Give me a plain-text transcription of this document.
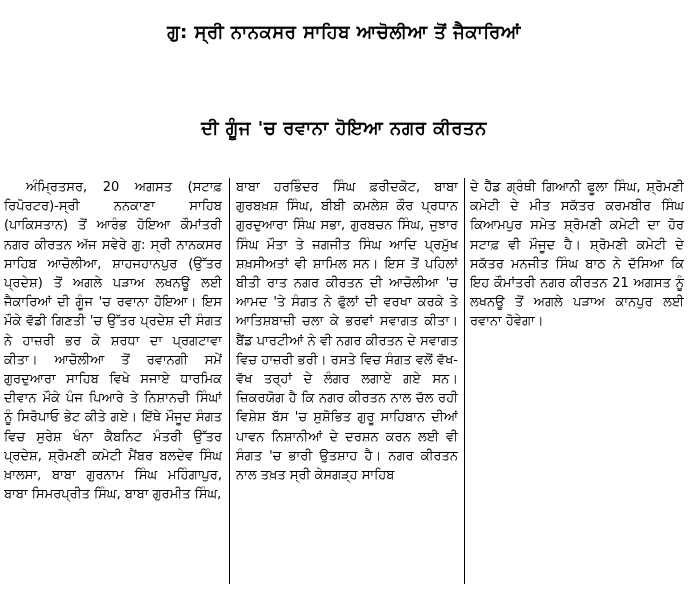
ਗੁ: ਸ੍ਰੀ ਨਾਨਕਸਰ ਸਾਹਿਬ ਆਚੋਲੀਆ ਤੋਂ ਜੈਕਾਰਿਆਂ
ਦੀ ਗੂੰਜ 'ਚ ਰਵਾਨਾ ਹੋਇਆ ਨਗਰ ਕੀਰਤਨ

ਅੰਮ੍ਰਿਤਸਰ, 20 ਅਗਸਤ (ਸਟਾਫ਼ ਰਿਪੋਰਟਰ)-ਸ੍ਰੀ ਨਨਕਾਣਾ ਸਾਹਿਬ (ਪਾਕਿਸਤਾਨ) ਤੋਂ ਆਰੰਭ ਹੋਇਆ ਕੌਮਾਂਤਰੀ ਨਗਰ ਕੀਰਤਨ ਅੱਜ ਸਵੇਰੇ ਗੁ: ਸ੍ਰੀ ਨਾਨਕਸਰ ਸਾਹਿਬ ਆਚੋਲੀਆ, ਸ਼ਾਹਜਹਾਨਪੁਰ (ਉੱਤਰ ਪ੍ਰਦੇਸ਼) ਤੋਂ ਅਗਲੇ ਪੜਾਅ ਲਖਨਊ ਲਈ ਜੈਕਾਰਿਆਂ ਦੀ ਗੂੰਜ 'ਚ ਰਵਾਨਾ ਹੋਇਆ। ਇਸ ਮੌਕੇ ਵੱਡੀ ਗਿਣਤੀ 'ਚ ਉੱਤਰ ਪ੍ਰਦੇਸ਼ ਦੀ ਸੰਗਤ ਨੇ ਹਾਜ਼ਰੀ ਭਰ ਕੇ ਸ਼ਰਧਾ ਦਾ ਪ੍ਰਗਟਾਵਾ ਕੀਤਾ। ਆਚੋਲੀਆ ਤੋਂ ਰਵਾਨਗੀ ਸਮੇਂ ਗੁਰਦੁਆਰਾ ਸਾਹਿਬ ਵਿਖੇ ਸਜਾਏ ਧਾਰਮਿਕ ਦੀਵਾਨ ਮੌਕੇ ਪੰਜ ਪਿਆਰੇ ਤੇ ਨਿਸ਼ਾਨਚੀ ਸਿੰਘਾਂ ਨੂੰ ਸਿਰੋਪਾਓ ਭੇਟ ਕੀਤੇ ਗਏ। ਇੱਥੇ ਮੌਜੂਦ ਸੰਗਤ ਵਿਚ ਸੁਰੇਸ਼ ਖੰਨਾ ਕੈਬਨਿਟ ਮੰਤਰੀ ਉੱਤਰ ਪ੍ਰਦੇਸ਼, ਸ਼੍ਰੋਮਣੀ ਕਮੇਟੀ ਮੈਂਬਰ ਬਲਦੇਵ ਸਿੰਘ ਖ਼ਾਲਸਾ, ਬਾਬਾ ਗੁਰਨਾਮ ਸਿੰਘ ਮਹਿੰਗਾਪੁਰ, ਬਾਬਾ ਸਿਮਰਪ੍ਰੀਤ ਸਿੰਘ, ਬਾਬਾ ਗੁਰਮੀਤ ਸਿੰਘ,

ਬਾਬਾ ਹਰਭਿੰਦਰ ਸਿੰਘ ਫ਼ਰੀਦਕੋਟ, ਬਾਬਾ ਗੁਰਬਖ਼ਸ਼ ਸਿੰਘ, ਬੀਬੀ ਕਮਲੇਸ਼ ਕੌਰ ਪ੍ਰਧਾਨ ਗੁਰਦੁਆਰਾ ਸਿੰਘ ਸਭਾ, ਗੁਰਬਚਨ ਸਿੰਘ, ਜੁਝਾਰ ਸਿੰਘ ਮੌਤਾ ਤੇ ਜਗਜੀਤ ਸਿੰਘ ਆਦਿ ਪ੍ਰਮੁੱਖ ਸ਼ਖ਼ਸੀਅਤਾਂ ਵੀ ਸ਼ਾਮਿਲ ਸਨ। ਇਸ ਤੋਂ ਪਹਿਲਾਂ ਬੀਤੀ ਰਾਤ ਨਗਰ ਕੀਰਤਨ ਦੀ ਆਚੋਲੀਆ 'ਚ ਆਮਦ 'ਤੇ ਸੰਗਤ ਨੇ ਫੁੱਲਾਂ ਦੀ ਵਰਖਾ ਕਰਕੇ ਤੇ ਆਤਿਸ਼ਬਾਜ਼ੀ ਚਲਾ ਕੇ ਭਰਵਾਂ ਸਵਾਗਤ ਕੀਤਾ। ਬੈਂਡ ਪਾਰਟੀਆਂ ਨੇ ਵੀ ਨਗਰ ਕੀਰਤਨ ਦੇ ਸਵਾਗਤ ਵਿਚ ਹਾਜ਼ਰੀ ਭਰੀ। ਰਸਤੇ ਵਿਚ ਸੰਗਤ ਵਲੋਂ ਵੱਖ-ਵੱਖ ਤਰ੍ਹਾਂ ਦੇ ਲੰਗਰ ਲਗਾਏ ਗਏ ਸਨ। ਜ਼ਿਕਰਯੋਗ ਹੈ ਕਿ ਨਗਰ ਕੀਰਤਨ ਨਾਲ ਚੱਲ ਰਹੀ ਵਿਸ਼ੇਸ਼ ਬੱਸ 'ਚ ਸੁਸ਼ੋਭਿਤ ਗੁਰੂ ਸਾਹਿਬਾਨ ਦੀਆਂ ਪਾਵਨ ਨਿਸ਼ਾਨੀਆਂ ਦੇ ਦਰਸ਼ਨ ਕਰਨ ਲਈ ਵੀ ਸੰਗਤ 'ਚ ਭਾਰੀ ਉਤਸ਼ਾਹ ਹੈ। ਨਗਰ ਕੀਰਤਨ ਨਾਲ ਤਖ਼ਤ ਸ੍ਰੀ ਕੇਸਗੜ੍ਹ ਸਾਹਿਬ

ਦੇ ਹੈੱਡ ਗ੍ਰੰਥੀ ਗਿਆਨੀ ਫੂਲਾ ਸਿੰਘ, ਸ਼੍ਰੋਮਣੀ ਕਮੇਟੀ ਦੇ ਮੀਤ ਸਕੱਤਰ ਕਰਮਬੀਰ ਸਿੰਘ ਕਿਆਮਪੁਰ ਸਮੇਤ ਸ਼੍ਰੋਮਣੀ ਕਮੇਟੀ ਦਾ ਹੋਰ ਸਟਾਫ਼ ਵੀ ਮੌਜੂਦ ਹੈ। ਸ਼੍ਰੋਮਣੀ ਕਮੇਟੀ ਦੇ ਸਕੱਤਰ ਮਨਜੀਤ ਸਿੰਘ ਬਾਠ ਨੇ ਦੱਸਿਆ ਕਿ ਇਹ ਕੌਮਾਂਤਰੀ ਨਗਰ ਕੀਰਤਨ 21 ਅਗਸਤ ਨੂੰ ਲਖਨਊ ਤੋਂ ਅਗਲੇ ਪੜਾਅ ਕਾਨਪੁਰ ਲਈ ਰਵਾਨਾ ਹੋਵੇਗਾ।
